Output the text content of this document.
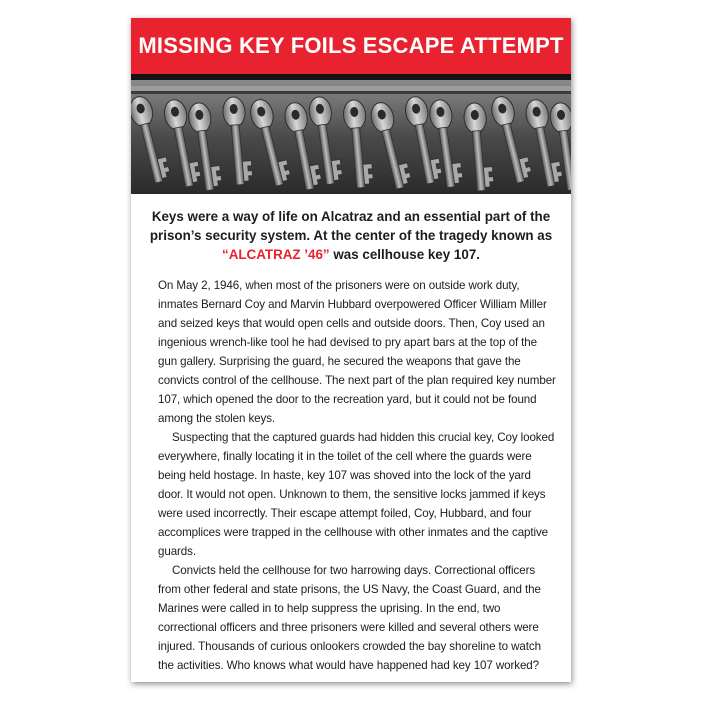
MISSING KEY FOILS ESCAPE ATTEMPT
Keys were a way of life on Alcatraz and an essential part of the prison’s security system. At the center of the tragedy known as “ALCATRAZ ’46” was cellhouse key 107.

On May 2, 1946, when most of the prisoners were on outside work duty, inmates Bernard Coy and Marvin Hubbard overpowered Officer William Miller and seized keys that would open cells and outside doors. Then, Coy used an ingenious wrench-like tool he had devised to pry apart bars at the top of the gun gallery. Surprising the guard, he secured the weapons that gave the convicts control of the cellhouse. The next part of the plan required key number 107, which opened the door to the recreation yard, but it could not be found among the stolen keys.

Suspecting that the captured guards had hidden this crucial key, Coy looked everywhere, finally locating it in the toilet of the cell where the guards were being held hostage. In haste, key 107 was shoved into the lock of the yard door. It would not open. Unknown to them, the sensitive locks jammed if keys were used incorrectly. Their escape attempt foiled, Coy, Hubbard, and four accomplices were trapped in the cellhouse with other inmates and the captive guards.

Convicts held the cellhouse for two harrowing days. Correctional officers from other federal and state prisons, the US Navy, the Coast Guard, and the Marines were called in to help suppress the uprising. In the end, two correctional officers and three prisoners were killed and several others were injured. Thousands of curious onlookers crowded the bay shoreline to watch the activities. Who knows what would have happened had key 107 worked?
